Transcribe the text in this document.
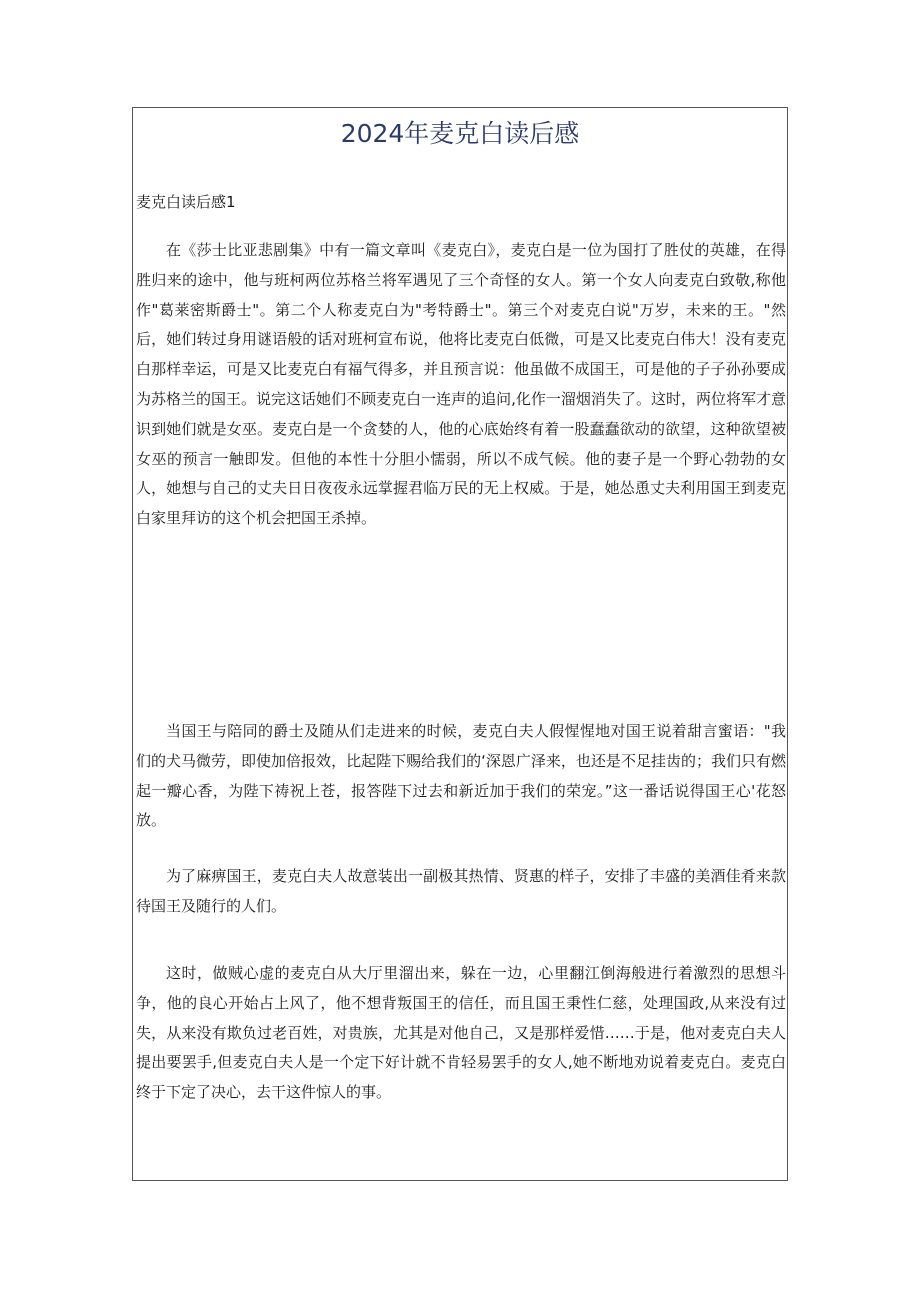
2024年麦克白读后感
麦克白读后感1

在《莎士比亚悲剧集》中有一篇文章叫《麦克白》，麦克白是一位为国打了胜仗的英雄，在得胜归来的途中，他与班柯两位苏格兰将军遇见了三个奇怪的女人。第一个女人向麦克白致敬,称他作"葛莱密斯爵士"。第二个人称麦克白为"考特爵士"。第三个对麦克白说"万岁，未来的王。"然后，她们转过身用谜语般的话对班柯宣布说，他将比麦克白低微，可是又比麦克白伟大！没有麦克白那样幸运，可是又比麦克白有福气得多，并且预言说：他虽做不成国王，可是他的子子孙孙要成为苏格兰的国王。说完这话她们不顾麦克白一连声的追问,化作一溜烟消失了。这时，两位将军才意识到她们就是女巫。麦克白是一个贪婪的人，他的心底始终有着一股蠢蠢欲动的欲望，这种欲望被女巫的预言一触即发。但他的本性十分胆小懦弱，所以不成气候。他的妻子是一个野心勃勃的女人，她想与自己的丈夫日日夜夜永远掌握君临万民的无上权威。于是，她怂恿丈夫利用国王到麦克白家里拜访的这个机会把国王杀掉。

当国王与陪同的爵士及随从们走进来的时候，麦克白夫人假惺惺地对国王说着甜言蜜语："我们的犬马微劳，即使加倍报效，比起陛下赐给我们的‘深恩广泽来，也还是不足挂齿的；我们只有燃起一瓣心香，为陛下祷祝上苍，报答陛下过去和新近加于我们的荣宠。”这一番话说得国王心'花怒放。

为了麻痹国王，麦克白夫人故意装出一副极其热情、贤惠的样子，安排了丰盛的美酒佳肴来款待国王及随行的人们。

这时，做贼心虚的麦克白从大厅里溜出来，躲在一边，心里翻江倒海般进行着激烈的思想斗争，他的良心开始占上风了，他不想背叛国王的信任，而且国王秉性仁慈，处理国政,从来没有过失，从来没有欺负过老百姓，对贵族，尤其是对他自己，又是那样爱惜……于是，他对麦克白夫人提出要罢手,但麦克白夫人是一个定下好计就不肯轻易罢手的女人,她不断地劝说着麦克白。麦克白终于下定了决心，去干这件惊人的事。
